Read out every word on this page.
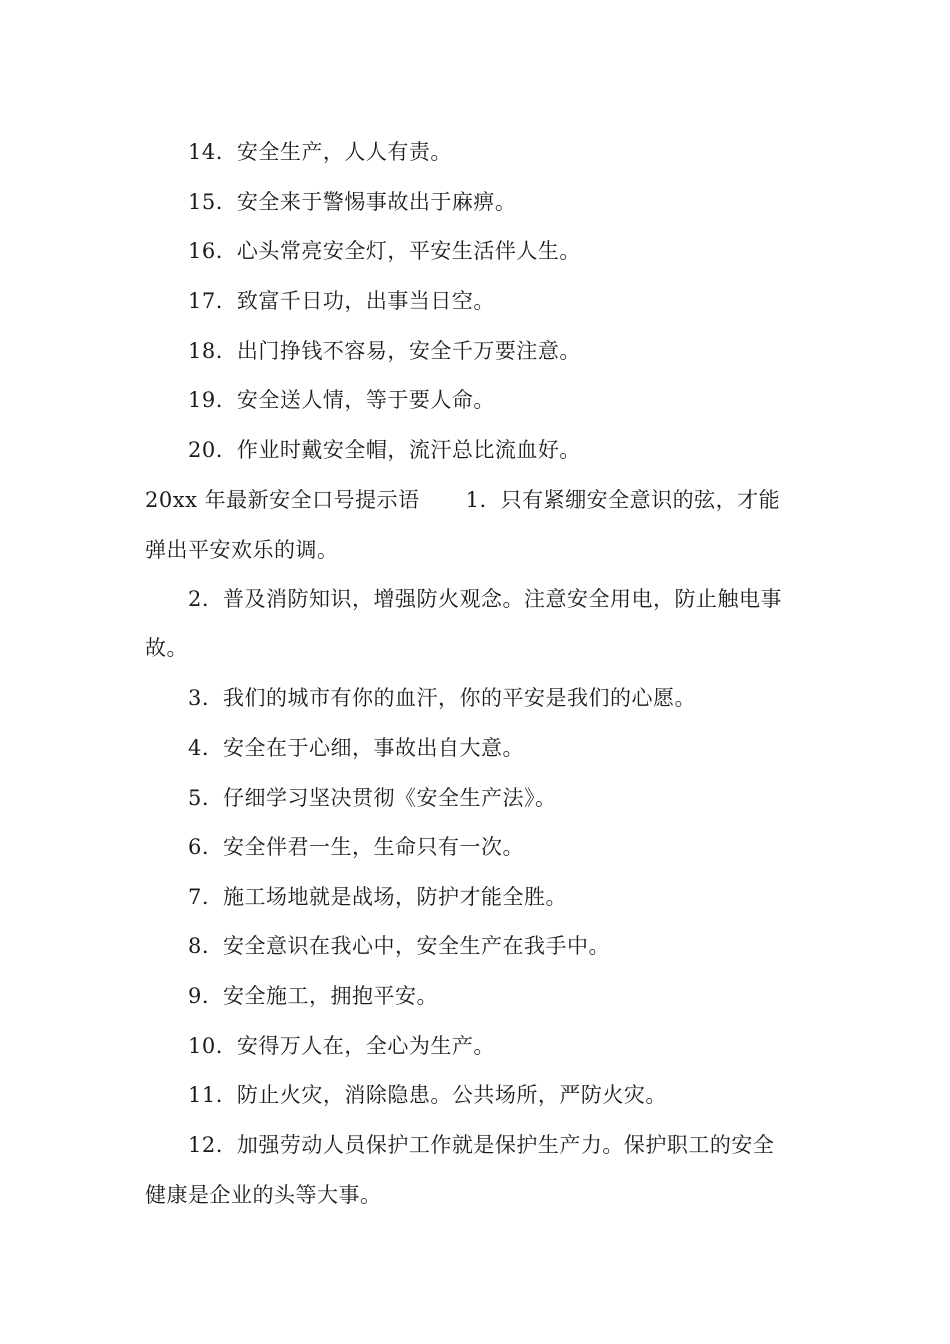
14. 安全生产，人人有责。
15. 安全来于警惕事故出于麻痹。
16. 心头常亮安全灯，平安生活伴人生。
17. 致富千日功，出事当日空。
18. 出门挣钱不容易，安全千万要注意。
19. 安全送人情，等于要人命。
20. 作业时戴安全帽，流汗总比流血好。
20xx 年最新安全口号提示语 1. 只有紧绷安全意识的弦，才能
弹出平安欢乐的调。
2. 普及消防知识，增强防火观念。注意安全用电，防止触电事
故。
3. 我们的城市有你的血汗，你的平安是我们的心愿。
4. 安全在于心细，事故出自大意。
5. 仔细学习坚决贯彻《安全生产法》。
6. 安全伴君一生，生命只有一次。
7. 施工场地就是战场，防护才能全胜。
8. 安全意识在我心中，安全生产在我手中。
9. 安全施工，拥抱平安。
10. 安得万人在，全心为生产。
11. 防止火灾，消除隐患。公共场所，严防火灾。
12. 加强劳动人员保护工作就是保护生产力。保护职工的安全
健康是企业的头等大事。
